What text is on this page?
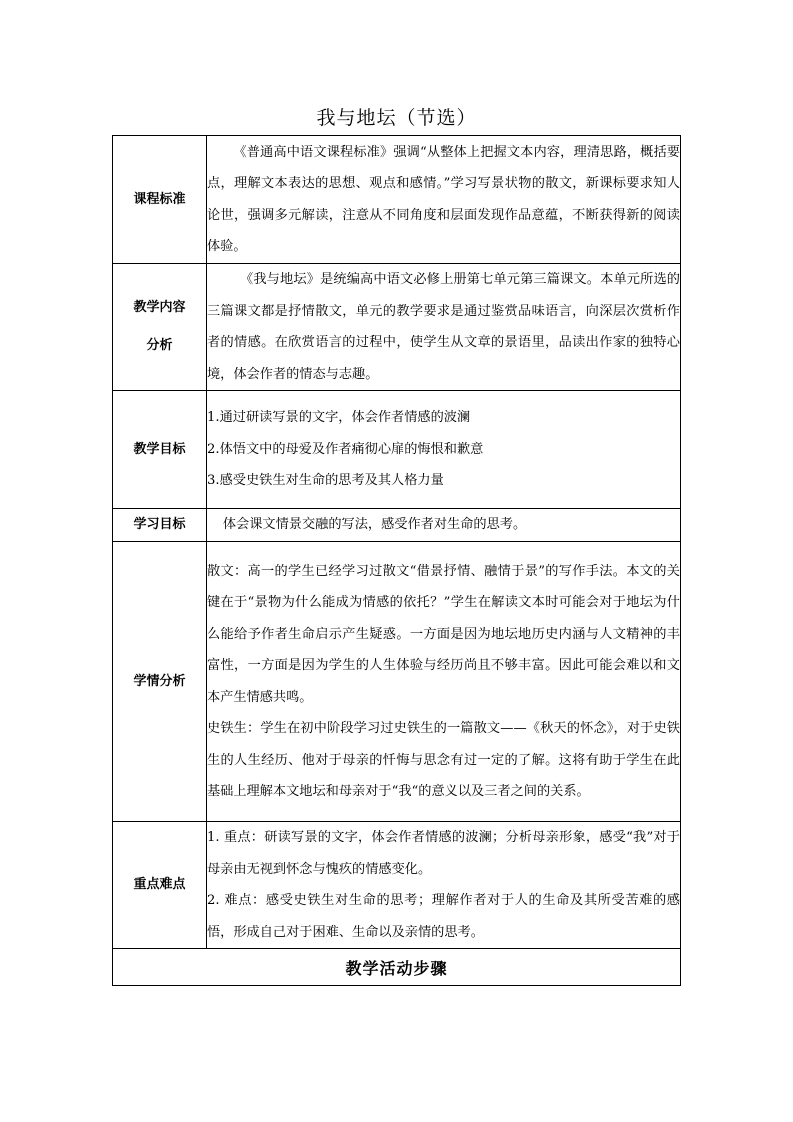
我与地坛（节选）
课程标准	《普通高中语文课程标准》强调“从整体上把握文本内容，理清思路，概括要点，理解文本表达的思想、观点和感情。”学习写景状物的散文，新课标要求知人论世，强调多元解读，注意从不同角度和层面发现作品意蕴，不断获得新的阅读体验。

教学内容
分析	《我与地坛》是统编高中语文必修上册第七单元第三篇课文。本单元所选的三篇课文都是抒情散文，单元的教学要求是通过鉴赏品味语言，向深层次赏析作者的情感。在欣赏语言的过程中，使学生从文章的景语里，品读出作家的独特心境，体会作者的情态与志趣。

教学目标	1.通过研读写景的文字，体会作者情感的波澜
2.体悟文中的母爱及作者痛彻心扉的悔恨和歉意
3.感受史铁生对生命的思考及其人格力量

学习目标	体会课文情景交融的写法，感受作者对生命的思考。

学情分析	散文：高一的学生已经学习过散文“借景抒情、融情于景”的写作手法。本文的关键在于“景物为什么能成为情感的依托？”学生在解读文本时可能会对于地坛为什么能给予作者生命启示产生疑惑。一方面是因为地坛地历史内涵与人文精神的丰富性，一方面是因为学生的人生体验与经历尚且不够丰富。因此可能会难以和文本产生情感共鸣。

史铁生：学生在初中阶段学习过史铁生的一篇散文——《秋天的怀念》，对于史铁生的人生经历、他对于母亲的忏悔与思念有过一定的了解。这将有助于学生在此基础上理解本文地坛和母亲对于“我“的意义以及三者之间的关系。

重点难点	1. 重点：研读写景的文字，体会作者情感的波澜；分析母亲形象，感受“我”对于母亲由无视到怀念与愧疚的情感变化。

2. 难点：感受史铁生对生命的思考；理解作者对于人的生命及其所受苦难的感悟，形成自己对于困难、生命以及亲情的思考。

教学活动步骤	
